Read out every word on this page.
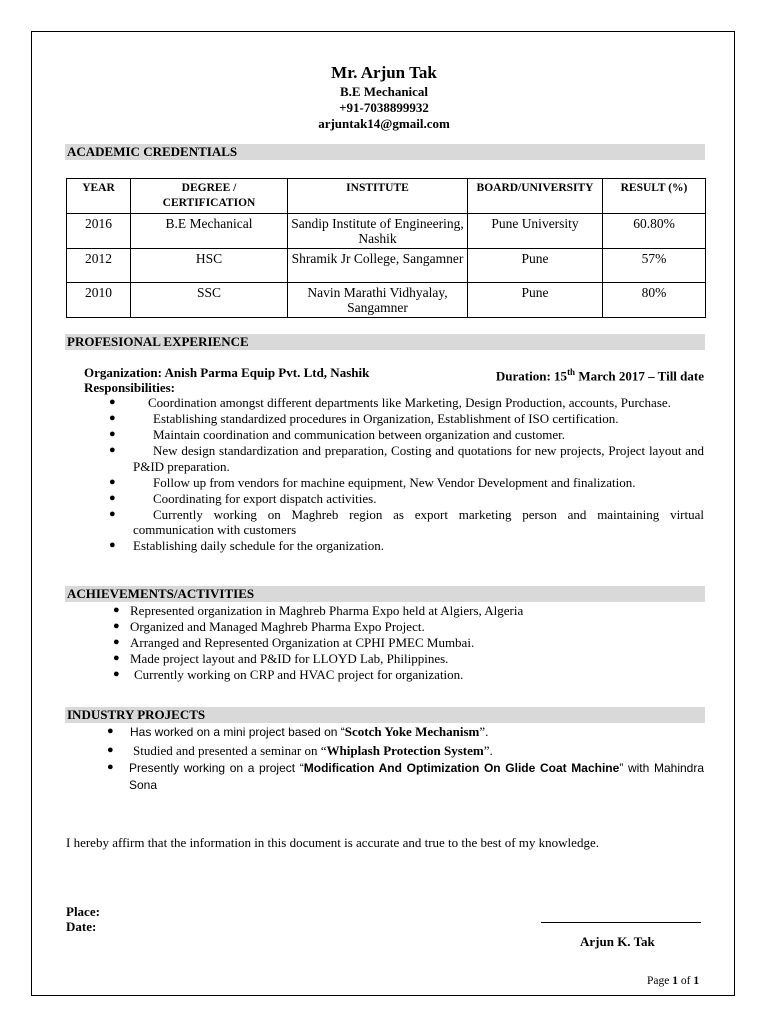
Mr. Arjun Tak
B.E Mechanical
+91-7038899932
arjuntak14@gmail.com
ACADEMIC CREDENTIALS
YEAR	DEGREE / CERTIFICATION	INSTITUTE	BOARD/UNIVERSITY	RESULT (%)
2016	B.E Mechanical	Sandip Institute of Engineering, Nashik	Pune University	60.80%
2012	HSC	Shramik Jr College, Sangamner	Pune	57%
2010	SSC	Navin Marathi Vidhyalay, Sangamner	Pune	80%
PROFESIONAL EXPERIENCE
Organization: Anish Parma Equip Pvt. Ltd, Nashik	Duration: 15th March 2017 – Till date
Responsibilities:
● Coordination amongst different departments like Marketing, Design Production, accounts, Purchase.
●	Establishing standardized procedures in Organization, Establishment of ISO certification.
●	Maintain coordination and communication between organization and customer.
●	New design standardization and preparation, Costing and quotations for new projects, Project layout and P&ID preparation.
●	Follow up from vendors for machine equipment, New Vendor Development and finalization.
●	Coordinating for export dispatch activities.
●	Currently working on Maghreb region as export marketing person and maintaining virtual communication with customers
● Establishing daily schedule for the organization.
ACHIEVEMENTS/ACTIVITIES
● Represented organization in Maghreb Pharma Expo held at Algiers, Algeria
● Organized and Managed Maghreb Pharma Expo Project.
● Arranged and Represented Organization at CPHI PMEC Mumbai.
● Made project layout and P&ID for LLOYD Lab, Philippines.
● Currently working on CRP and HVAC project for organization.
INDUSTRY PROJECTS
● Has worked on a mini project based on “Scotch Yoke Mechanism”.
● Studied and presented a seminar on “Whiplash Protection System”.
● Presently working on a project “Modification And Optimization On Glide Coat Machine” with Mahindra Sona
I hereby affirm that the information in this document is accurate and true to the best of my knowledge.
Place:
Date:
Arjun K. Tak
Page 1 of 1
